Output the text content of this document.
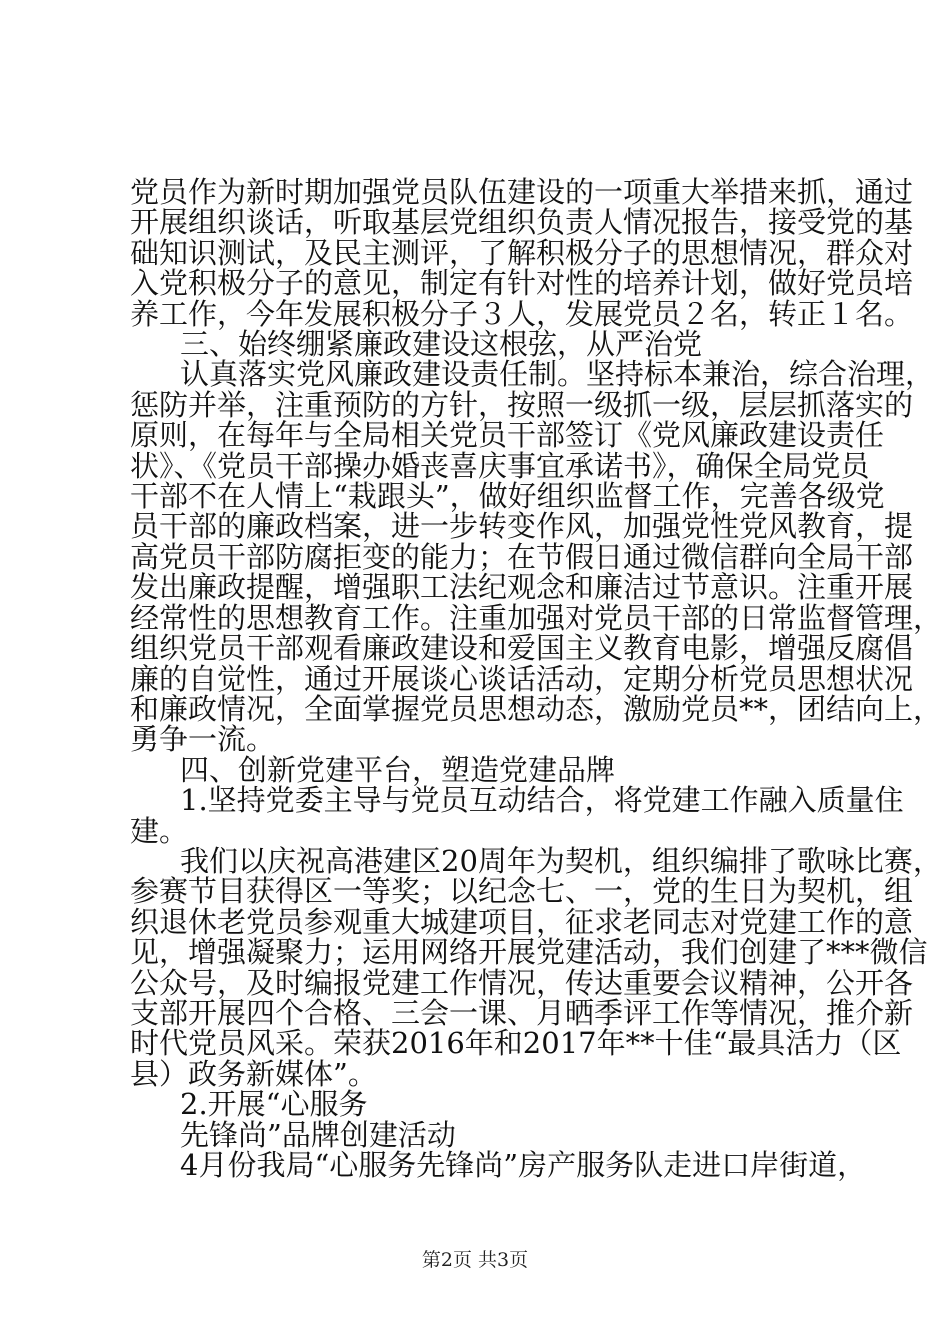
党员作为新时期加强党员队伍建设的一项重大举措来抓，通过
开展组织谈话，听取基层党组织负责人情况报告，接受党的基
础知识测试，及民主测评，了解积极分子的思想情况，群众对
入党积极分子的意见，制定有针对性的培养计划，做好党员培
养工作，今年发展积极分子３人，发展党员２名，转正１名。
三、始终绷紧廉政建设这根弦，从严治党
认真落实党风廉政建设责任制。坚持标本兼治，综合治理，
惩防并举，注重预防的方针，按照一级抓一级，层层抓落实的
原则，在每年与全局相关党员干部签订《党风廉政建设责任
状》、《党员干部操办婚丧喜庆事宜承诺书》，确保全局党员
干部不在人情上“栽跟头”，做好组织监督工作，完善各级党
员干部的廉政档案，进一步转变作风，加强党性党风教育，提
高党员干部防腐拒变的能力；在节假日通过微信群向全局干部
发出廉政提醒，增强职工法纪观念和廉洁过节意识。注重开展
经常性的思想教育工作。注重加强对党员干部的日常监督管理，
组织党员干部观看廉政建设和爱国主义教育电影，增强反腐倡
廉的自觉性，通过开展谈心谈话活动，定期分析党员思想状况
和廉政情况，全面掌握党员思想动态，激励党员**，团结向上，
勇争一流。
四、创新党建平台，塑造党建品牌
1.坚持党委主导与党员互动结合，将党建工作融入质量住
建。
我们以庆祝高港建区20周年为契机，组织编排了歌咏比赛，
参赛节目获得区一等奖；以纪念七、一，党的生日为契机，组
织退休老党员参观重大城建项目，征求老同志对党建工作的意
见，增强凝聚力；运用网络开展党建活动，我们创建了***微信
公众号，及时编报党建工作情况，传达重要会议精神，公开各
支部开展四个合格、三会一课、月晒季评工作等情况，推介新
时代党员风采。荣获2016年和2017年**十佳“最具活力（区
县）政务新媒体”。
2.开展“心服务
先锋尚”品牌创建活动
4月份我局“心服务先锋尚”房产服务队走进口岸街道，
第2页 共3页
